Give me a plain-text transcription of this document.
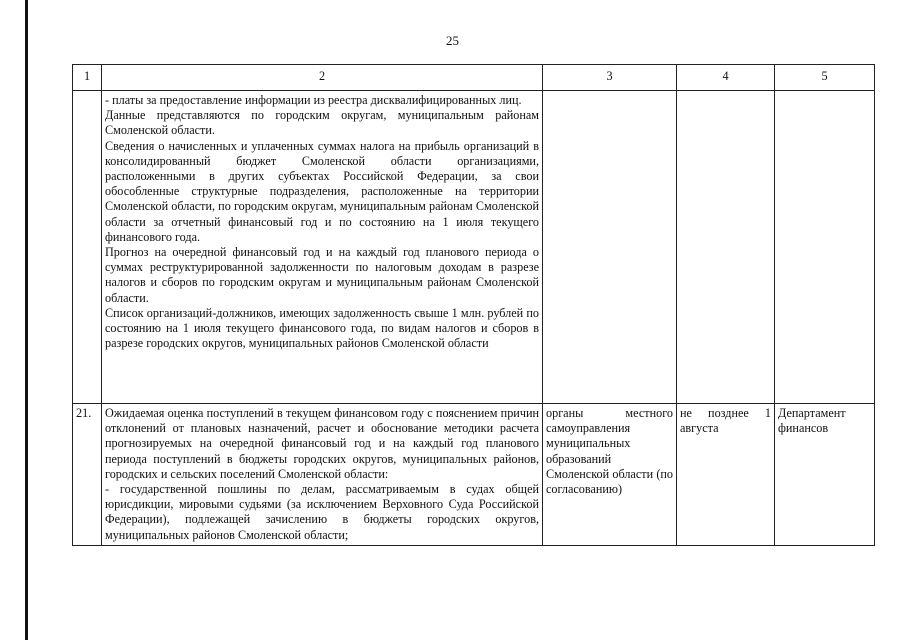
25
1	2	3	4	5

	- платы за предоставление информации из реестра дисквалифицированных лиц.

Данные представляются по городским округам, муниципальным районам Смоленской области.

Сведения о начисленных и уплаченных суммах налога на прибыль организаций в консолидированный бюджет Смоленской области организациями, расположенными в других субъектах Российской Федерации, за свои обособленные структурные подразделения, расположенные на территории Смоленской области, по городским округам, муниципальным районам Смоленской области за отчетный финансовый год и по состоянию на 1 июля текущего финансового года.

Прогноз на очередной финансовый год и на каждый год планового периода о суммах реструктурированной задолженности по налоговым доходам в разрезе налогов и сборов по городским округам и муниципальным районам Смоленской области.

Список организаций-должников, имеющих задолженность свыше 1 млн. рублей по состоянию на 1 июля текущего финансового года, по видам налогов и сборов в разрезе городских округов, муниципальных районов Смоленской области			

21.	Ожидаемая оценка поступлений в текущем финансовом году с пояснением причин отклонений от плановых назначений, расчет и обоснование методики расчета прогнозируемых на очередной финансовый год и на каждый год планового периода поступлений в бюджеты городских округов, муниципальных районов, городских и сельских поселений Смоленской области:

- государственной пошлины по делам, рассматриваемым в судах общей юрисдикции, мировыми судьями (за исключением Верховного Суда Российской Федерации), подлежащей зачислению в бюджеты городских округов, муниципальных районов Смоленской области;	органы местного самоуправления муниципальных образований Смоленской области (по согласованию)	не позднее 1 августа	Департамент финансов
